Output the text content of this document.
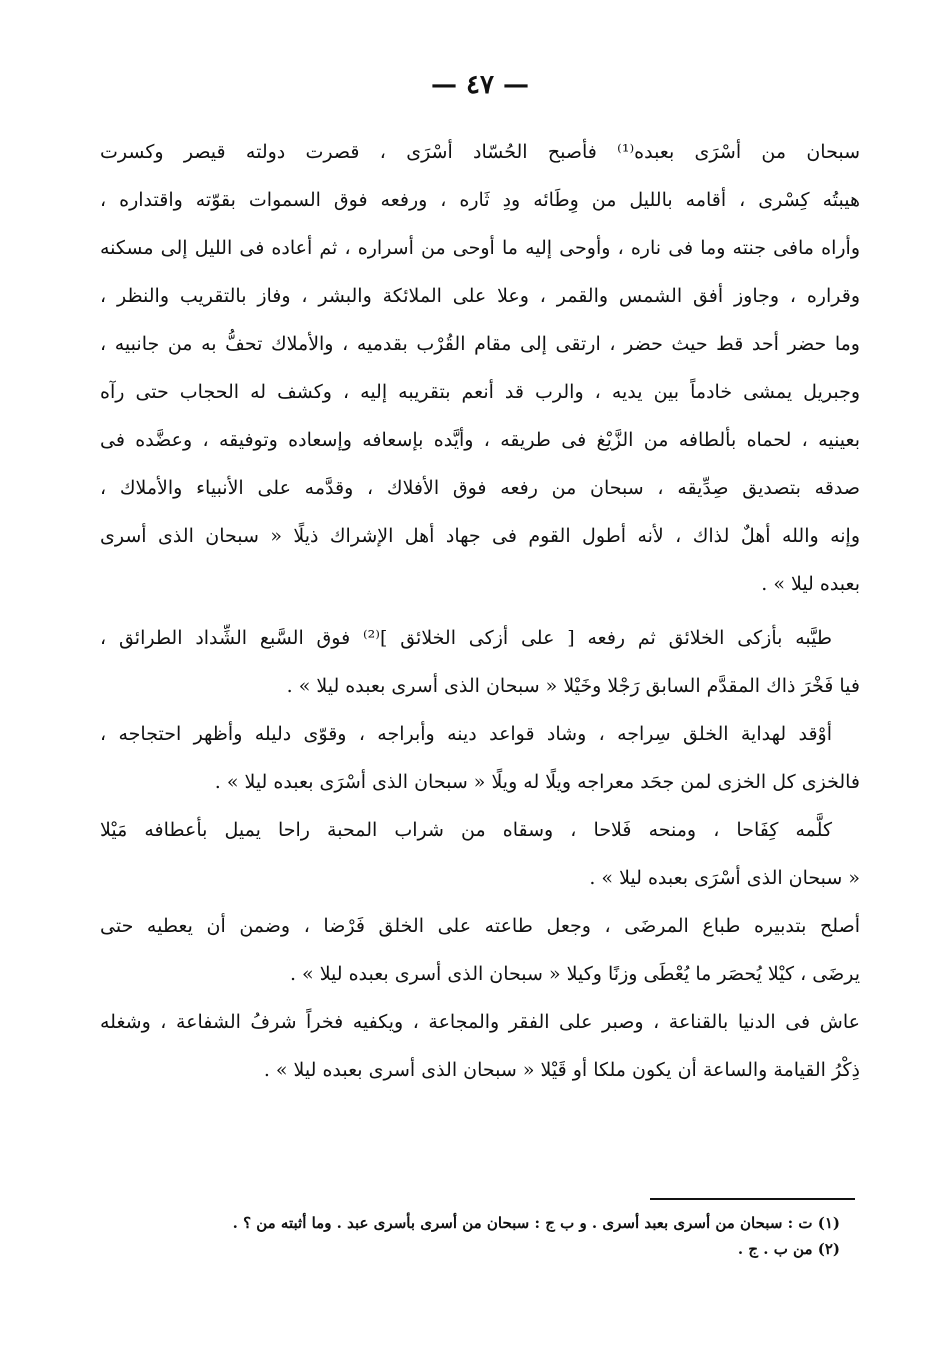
— ٤٧ —
سبحان من أسْرَى بعبده⁽¹⁾ فأصبح الحُسّاد أسْرَى ، قصرت دولته قيصر وكسرت
هيبتُه كِسْرى ، أقامه بالليل من وِطَائه ودِ ثَاره ، ورفعه فوق السموات بقوّته واقتداره ،
وأراه مافى جنته وما فى ناره ، وأوحى إليه ما أوحى من أسراره ، ثم أعاده فى الليل إلى مسكنه
وقراره ، وجاوز أفق الشمس والقمر ، وعلا على الملائكة والبشر ، وفاز بالتقريب والنظر ،
وما حضر أحد قط حيث حضر ، ارتقى إلى مقام القُرْب بقدميه ، والأملاك تحفُّ به من جانبيه ،
وجبريل يمشى خادماً بين يديه ، والرب قد أنعم بتقريبه إليه ، وكشف له الحجاب حتى رآه
بعينيه ، لحماه بألطافه من الزَّيْغ فى طريقه ، وأيَّده بإسعافه وإسعاده وتوفيقه ، وعضَّده فى
صدقه بتصديق صِدِّيقه ، سبحان من رفعه فوق الأفلاك ، وقدَّمه على الأنبياء والأملاك ،
وإنه والله أهلٌ لذاك ، لأنه أطول القوم فى جهاد أهل الإشراك ذيلًا « سبحان الذى أسرى
بعبده ليلا » .
طيَّبه بأزكى الخلائق ثم رفعه [ على أزكى الخلائق ]⁽²⁾ فوق السَّبع الشِّداد الطرائق ،
فيا فَخْرَ ذاك المقدَّم السابق رَجْلا وخَيْلا « سبحان الذى أسرى بعبده ليلا » .
أوْقد لهداية الخلق سِراجه ، وشاد قواعد دينه وأبراجه ، وقوّى دليله وأظهر احتجاجه ،
فالخزى كل الخزى لمن جحَد معراجه ويلًا له ويلًا « سبحان الذى أسْرَى بعبده ليلا » .
كلَّمه كِفَاحا ، ومنحه فَلاحا ، وسقاه من شراب المحبة راحا يميل بأعطافه مَيْلا
« سبحان الذى أسْرَى بعبده ليلا » .
أصلح بتدبيره طباع المرضَى ، وجعل طاعته على الخلق فَرْضا ، وضمن أن يعطيه حتى
يرضَى ، كيْلا يُحصَر ما يُعْطَى وزنًا وكيلا « سبحان الذى أسرى بعبده ليلا » .
عاش فى الدنيا بالقناعة ، وصبر على الفقر والمجاعة ، ويكفيه فخراً شرفُ الشفاعة ، وشغله
ذِكْرُ القيامة والساعة أن يكون ملكا أو قَيْلا « سبحان الذى أسرى بعبده ليلا » .
(١) ت : سبحان من أسرى بعبد أسرى . و ب ج : سبحان من أسرى بأسرى عبد . وما أثبته من ؟ .
(٢) من ب . ج .
